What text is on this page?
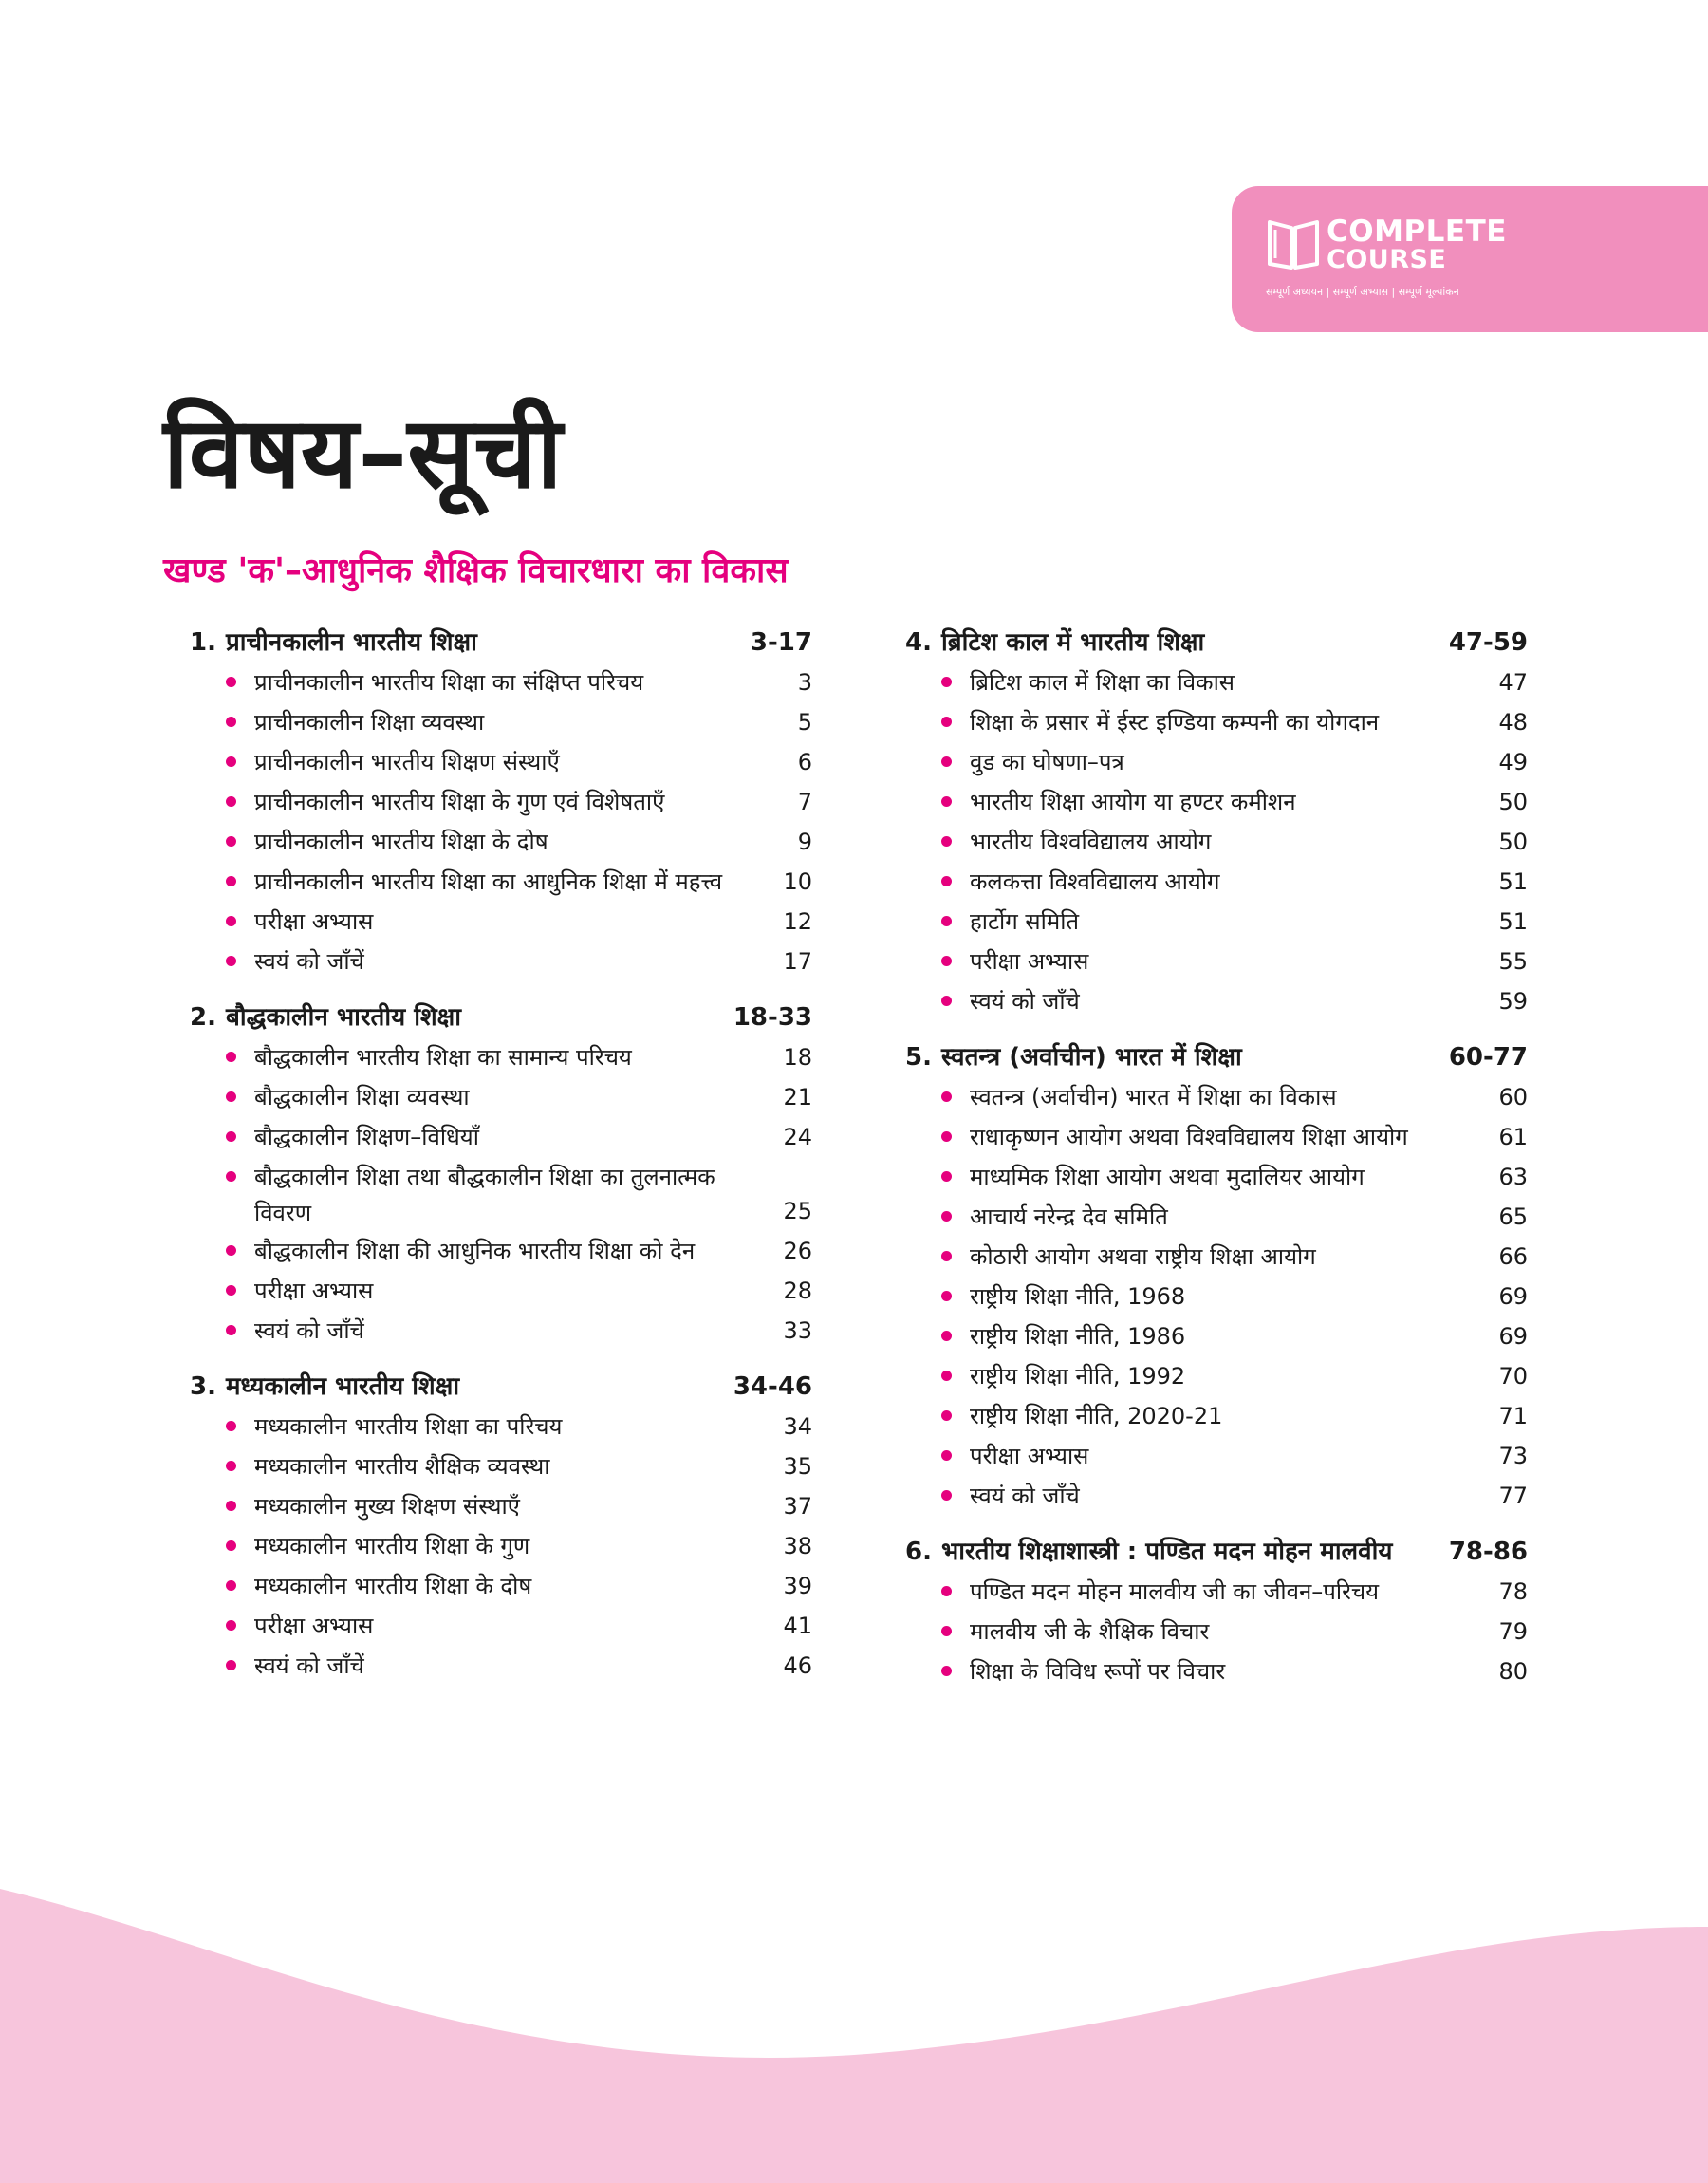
COMPLETE
COURSE
सम्पूर्ण अध्ययन | सम्पूर्ण अभ्यास | सम्पूर्ण मूल्यांकन
विषय–सूची
खण्ड 'क'–आधुनिक शैक्षिक विचारधारा का विकास
1. प्राचीनकालीन भारतीय शिक्षा	3-17
प्राचीनकालीन भारतीय शिक्षा का संक्षिप्त परिचय	3
प्राचीनकालीन शिक्षा व्यवस्था	5
प्राचीनकालीन भारतीय शिक्षण संस्थाएँ	6
प्राचीनकालीन भारतीय शिक्षा के गुण एवं विशेषताएँ	7
प्राचीनकालीन भारतीय शिक्षा के दोष	9
प्राचीनकालीन भारतीय शिक्षा का आधुनिक शिक्षा में महत्त्व	10
परीक्षा अभ्यास	12
स्वयं को जाँचें	17
2. बौद्धकालीन भारतीय शिक्षा	18-33
बौद्धकालीन भारतीय शिक्षा का सामान्य परिचय	18
बौद्धकालीन शिक्षा व्यवस्था	21
बौद्धकालीन शिक्षण–विधियाँ	24
बौद्धकालीन शिक्षा तथा बौद्धकालीन शिक्षा का तुलनात्मक विवरण	25
बौद्धकालीन शिक्षा की आधुनिक भारतीय शिक्षा को देन	26
परीक्षा अभ्यास	28
स्वयं को जाँचें	33
3. मध्यकालीन भारतीय शिक्षा	34-46
मध्यकालीन भारतीय शिक्षा का परिचय	34
मध्यकालीन भारतीय शैक्षिक व्यवस्था	35
मध्यकालीन मुख्य शिक्षण संस्थाएँ	37
मध्यकालीन भारतीय शिक्षा के गुण	38
मध्यकालीन भारतीय शिक्षा के दोष	39
परीक्षा अभ्यास	41
स्वयं को जाँचें	46
4. ब्रिटिश काल में भारतीय शिक्षा	47-59
ब्रिटिश काल में शिक्षा का विकास	47
शिक्षा के प्रसार में ईस्ट इण्डिया कम्पनी का योगदान	48
वुड का घोषणा–पत्र	49
भारतीय शिक्षा आयोग या हण्टर कमीशन	50
भारतीय विश्वविद्यालय आयोग	50
कलकत्ता विश्वविद्यालय आयोग	51
हार्टोग समिति	51
परीक्षा अभ्यास	55
स्वयं को जाँचे	59
5. स्वतन्त्र (अर्वाचीन) भारत में शिक्षा	60-77
स्वतन्त्र (अर्वाचीन) भारत में शिक्षा का विकास	60
राधाकृष्णन आयोग अथवा विश्वविद्यालय शिक्षा आयोग	61
माध्यमिक शिक्षा आयोग अथवा मुदालियर आयोग	63
आचार्य नरेन्द्र देव समिति	65
कोठारी आयोग अथवा राष्ट्रीय शिक्षा आयोग	66
राष्ट्रीय शिक्षा नीति, 1968	69
राष्ट्रीय शिक्षा नीति, 1986	69
राष्ट्रीय शिक्षा नीति, 1992	70
राष्ट्रीय शिक्षा नीति, 2020-21	71
परीक्षा अभ्यास	73
स्वयं को जाँचे	77
6. भारतीय शिक्षाशास्त्री : पण्डित मदन मोहन मालवीय	78-86
पण्डित मदन मोहन मालवीय जी का जीवन–परिचय	78
मालवीय जी के शैक्षिक विचार	79
शिक्षा के विविध रूपों पर विचार	80
